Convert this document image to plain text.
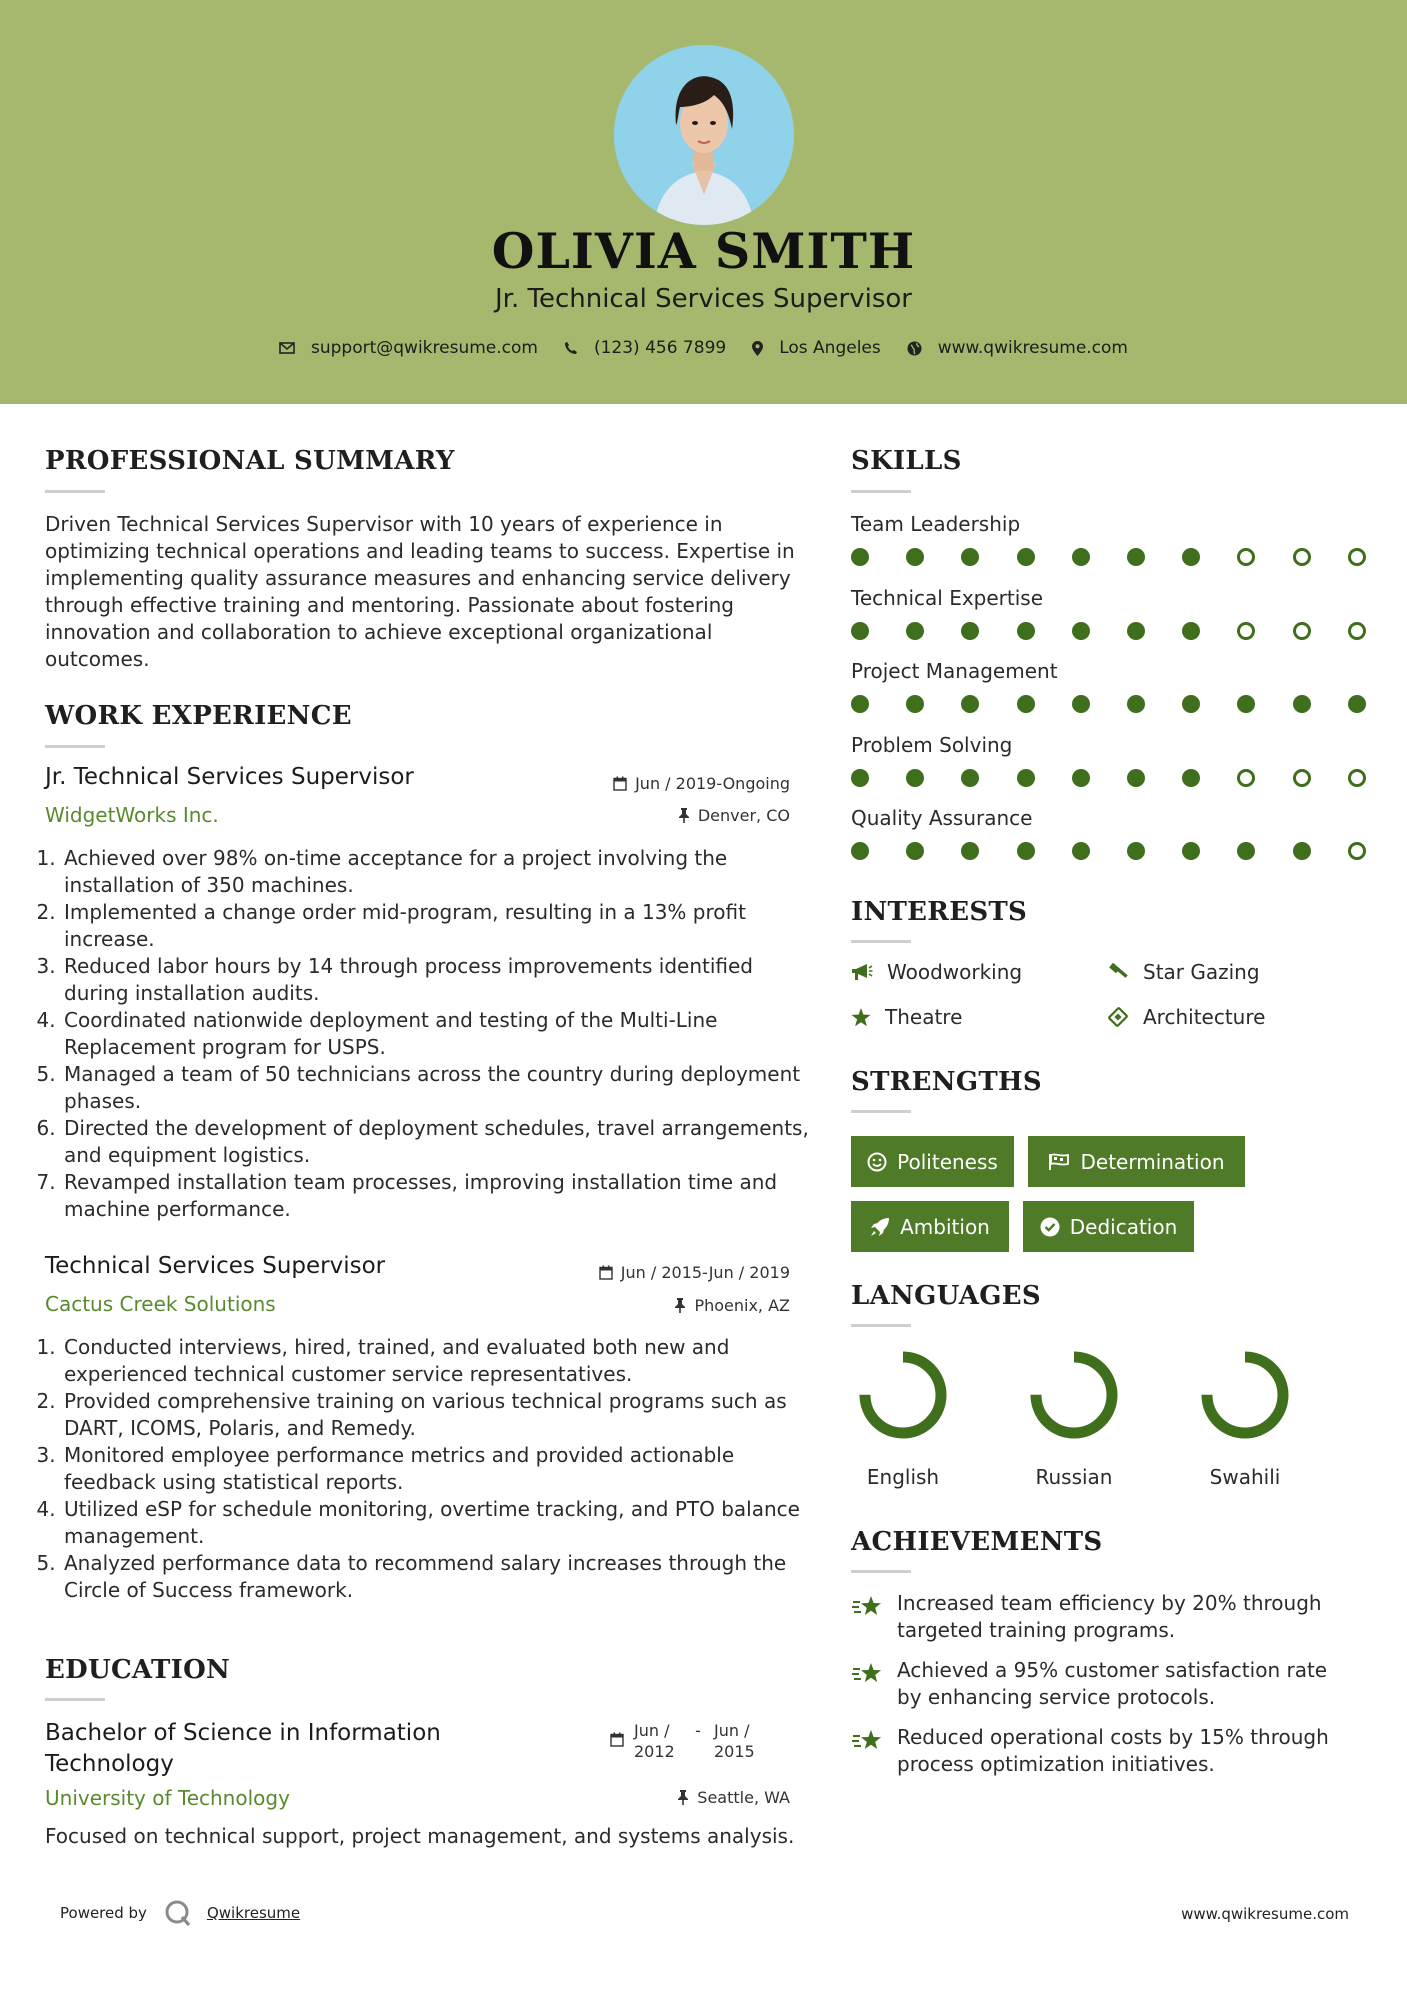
OLIVIA SMITH
Jr. Technical Services Supervisor
support@qwikresume.com	(123) 456 7899	Los Angeles	www.qwikresume.com
PROFESSIONAL SUMMARY
Driven Technical Services Supervisor with 10 years of experience in optimizing technical operations and leading teams to success. Expertise in implementing quality assurance measures and enhancing service delivery through effective training and mentoring. Passionate about fostering innovation and collaboration to achieve exceptional organizational outcomes.
WORK EXPERIENCE
Jr. Technical Services Supervisor	Jun / 2019-Ongoing
WidgetWorks Inc.	Denver, CO
1. Achieved over 98% on-time acceptance for a project involving the installation of 350 machines.
2. Implemented a change order mid-program, resulting in a 13% profit increase.
3. Reduced labor hours by 14 through process improvements identified during installation audits.
4. Coordinated nationwide deployment and testing of the Multi-Line Replacement program for USPS.
5. Managed a team of 50 technicians across the country during deployment phases.
6. Directed the development of deployment schedules, travel arrangements, and equipment logistics.
7. Revamped installation team processes, improving installation time and machine performance.
Technical Services Supervisor	Jun / 2015-Jun / 2019
Cactus Creek Solutions	Phoenix, AZ
1. Conducted interviews, hired, trained, and evaluated both new and experienced technical customer service representatives.
2. Provided comprehensive training on various technical programs such as DART, ICOMS, Polaris, and Remedy.
3. Monitored employee performance metrics and provided actionable feedback using statistical reports.
4. Utilized eSP for schedule monitoring, overtime tracking, and PTO balance management.
5. Analyzed performance data to recommend salary increases through the Circle of Success framework.
EDUCATION
Bachelor of Science in Information Technology
Jun / 2012
- Jun / 2015
University of Technology	Seattle, WA
Focused on technical support, project management, and systems analysis.
SKILLS
Team Leadership
Technical Expertise
Project Management
Problem Solving
Quality Assurance
INTERESTS
Woodworking	Star Gazing
Theatre	Architecture
STRENGTHS
Politeness	Determination
Ambition	Dedication
LANGUAGES
English	Russian	Swahili
ACHIEVEMENTS
Increased team efficiency by 20% through targeted training programs.
Achieved a 95% customer satisfaction rate by enhancing service protocols.
Reduced operational costs by 15% through process optimization initiatives.
Powered by	Qwikresume	www.qwikresume.com
